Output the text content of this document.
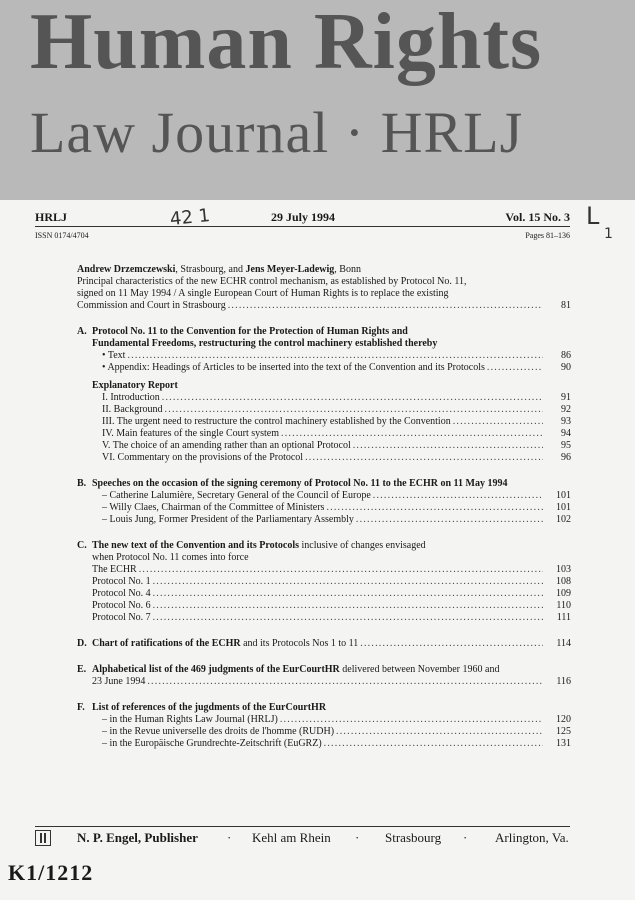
Human Rights
Law Journal · HRLJ
HRLJ	29 July 1994	Vol. 15 No. 3
ISSN 0174/4704	Pages 81–136
42 1	L
1
Andrew Drzemczewski, Strasbourg, and Jens Meyer-Ladewig, Bonn
Principal characteristics of the new ECHR control mechanism, as established by Protocol No. 11,
signed on 11 May 1994 / A single European Court of Human Rights is to replace the existing
Commission and Court in Strasbourg .....	81
A. Protocol No. 11 to the Convention for the Protection of Human Rights and
Fundamental Freedoms, restructuring the control machinery established thereby
• Text .....	86
• Appendix: Headings of Articles to be inserted into the text of the Convention and its Protocols .....	90
Explanatory Report
I. Introduction .....	91
II. Background .....	92
III. The urgent need to restructure the control machinery established by the Convention .....	93
IV. Main features of the single Court system .....	94
V. The choice of an amending rather than an optional Protocol .....	95
VI. Commentary on the provisions of the Protocol .....	96
B. Speeches on the occasion of the signing ceremony of Protocol No. 11 to the ECHR on 11 May 1994
– Catherine Lalumière, Secretary General of the Council of Europe .....	101
– Willy Claes, Chairman of the Committee of Ministers .....	101
– Louis Jung, Former President of the Parliamentary Assembly .....	102
C. The new text of the Convention and its Protocols inclusive of changes envisaged
when Protocol No. 11 comes into force
The ECHR .....	103
Protocol No. 1 .....	108
Protocol No. 4 .....	109
Protocol No. 6 .....	110
Protocol No. 7 .....	111
D. Chart of ratifications of the ECHR and its Protocols Nos 1 to 11 .....	114
E. Alphabetical list of the 469 judgments of the EurCourtHR delivered between November 1960 and
23 June 1994 .....	116
F. List of references of the jugdments of the EurCourtHR
– in the Human Rights Law Journal (HRLJ) .....	120
– in the Revue universelle des droits de l'homme (RUDH) .....	125
– in the Europäische Grundrechte-Zeitschrift (EuGRZ) .....	131
N. P. Engel, Publisher · Kehl am Rhein · Strasbourg · Arlington, Va.
K1/1212
